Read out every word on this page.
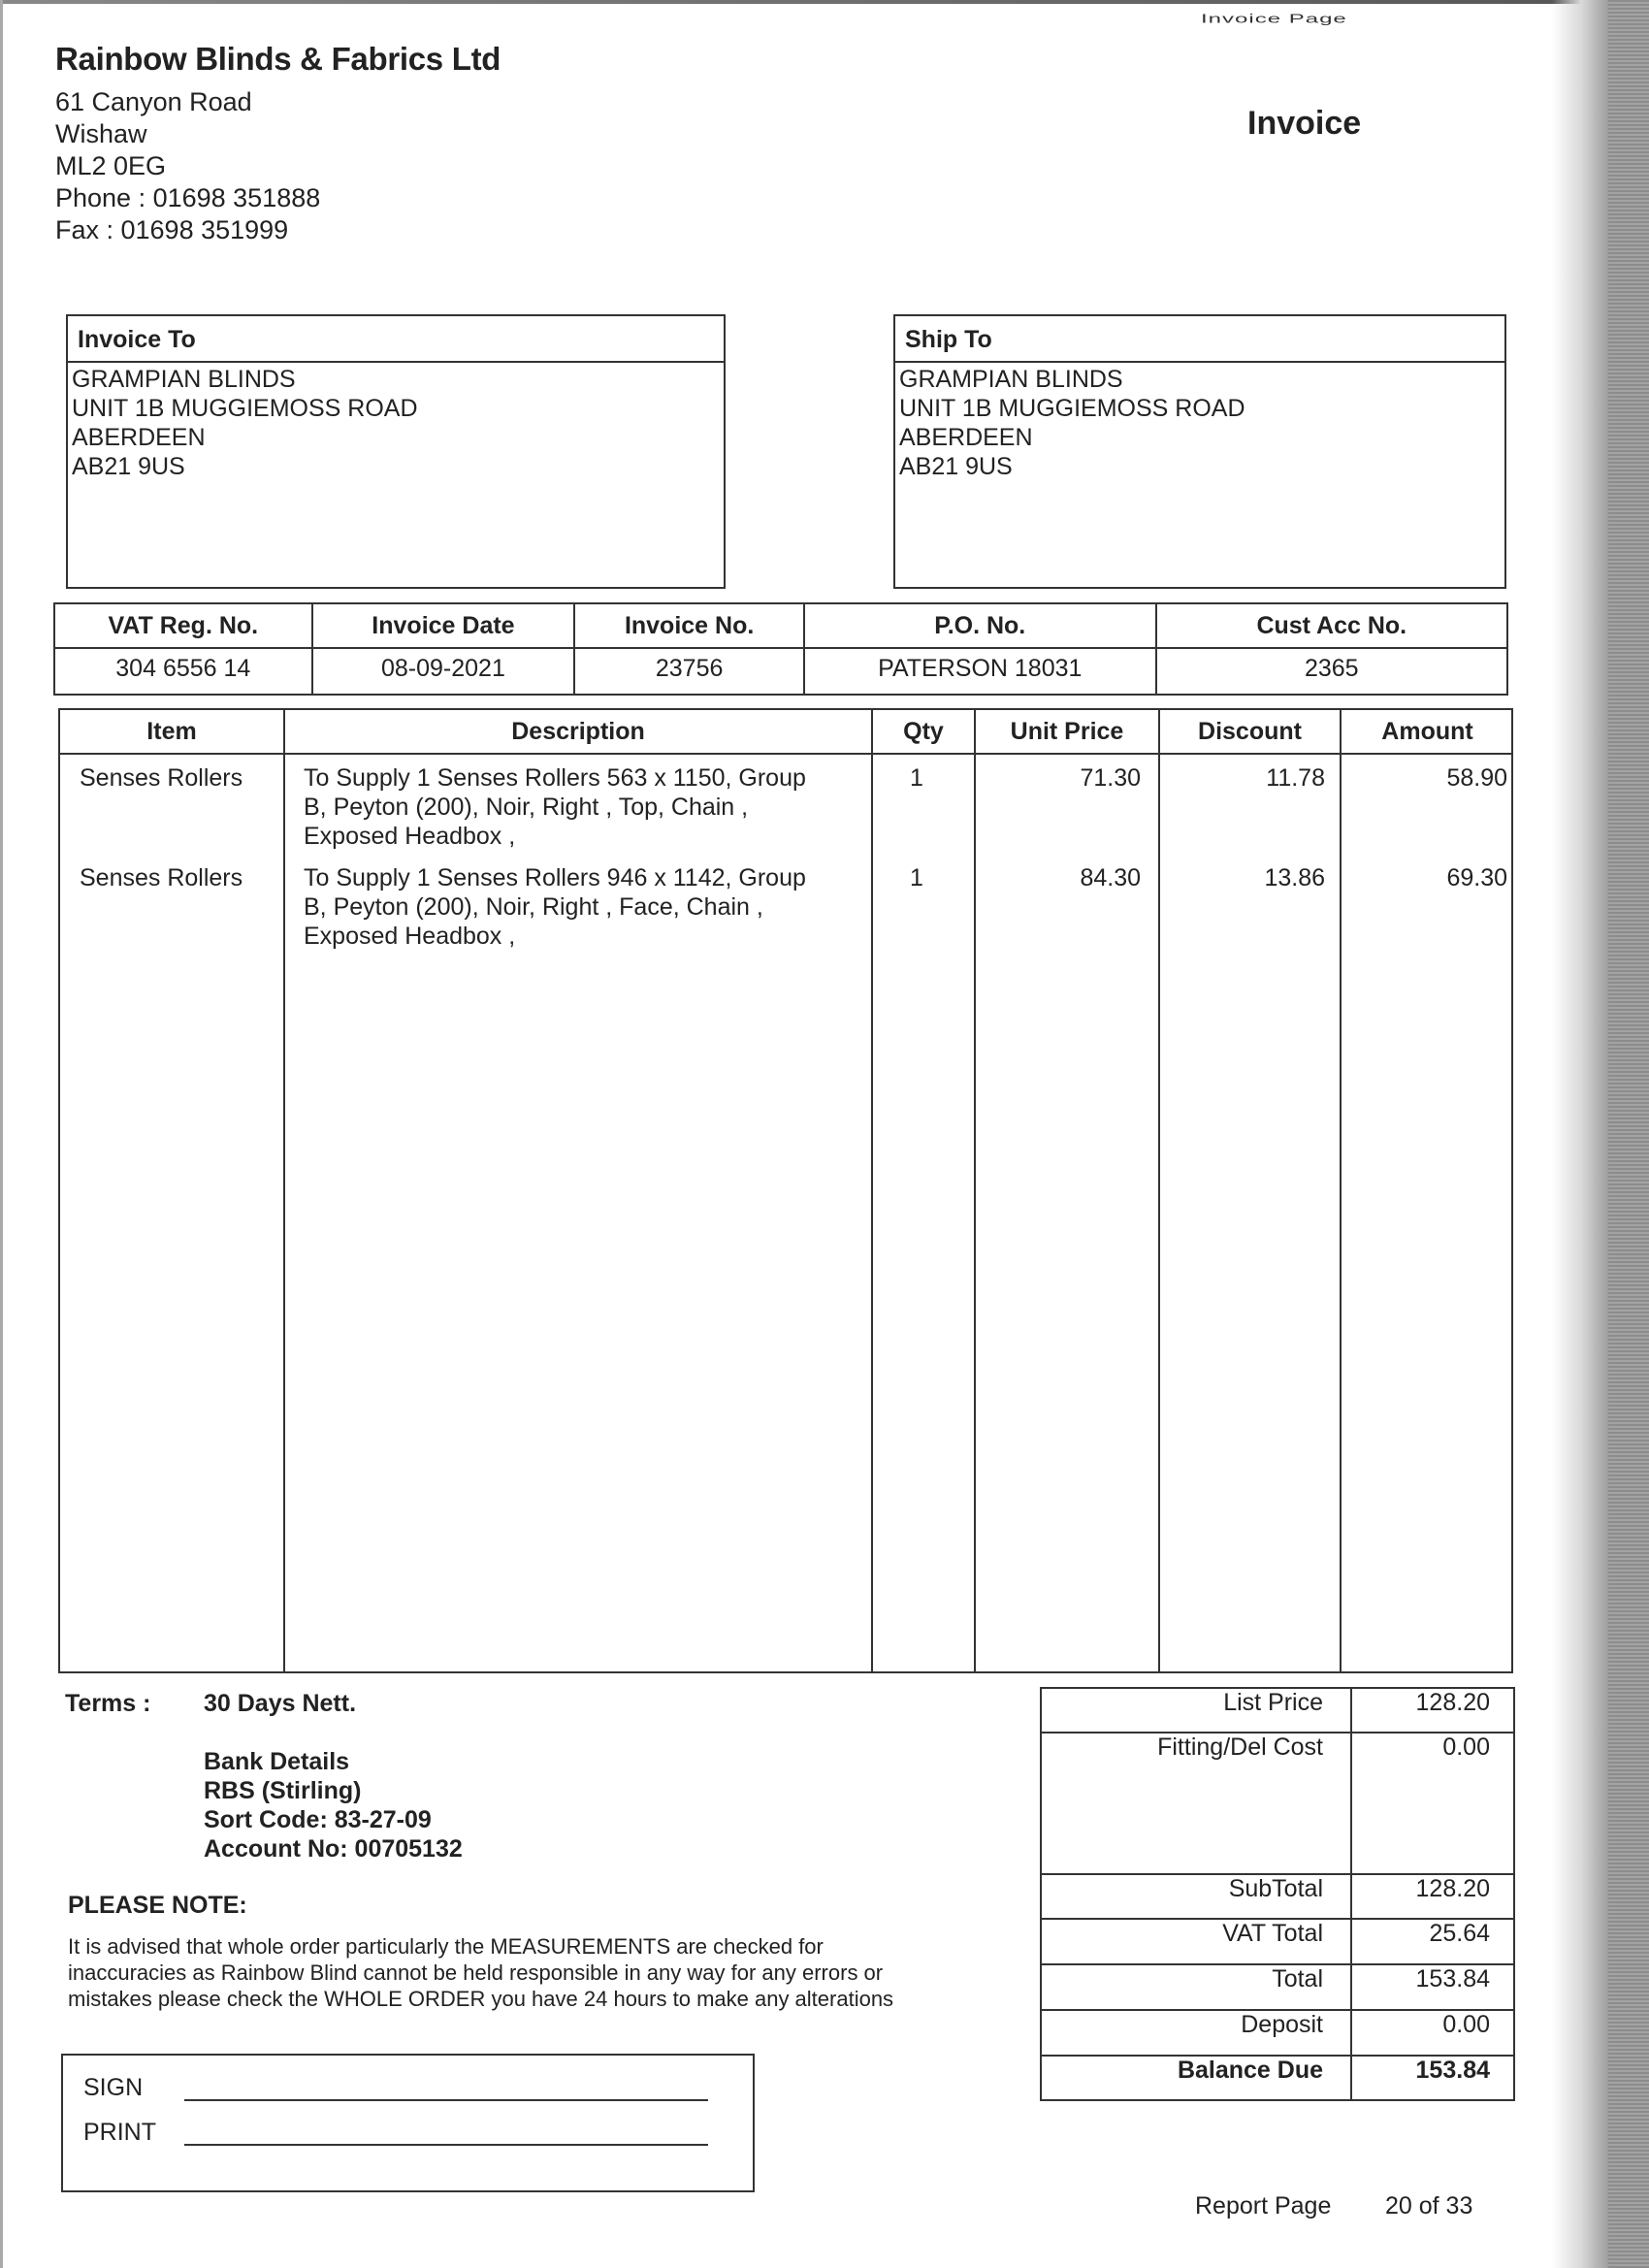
Invoice Page
Rainbow Blinds & Fabrics Ltd
61 Canyon Road
Wishaw
ML2 0EG
Phone : 01698 351888
Fax : 01698 351999
Invoice
Invoice To
GRAMPIAN BLINDS
UNIT 1B MUGGIEMOSS ROAD
ABERDEEN
AB21 9US
Ship To
GRAMPIAN BLINDS
UNIT 1B MUGGIEMOSS ROAD
ABERDEEN
AB21 9US
VAT Reg. No.	Invoice Date	Invoice No.	P.O. No.	Cust Acc No.
304 6556 14	08-09-2021	23756	PATERSON 18031	2365
Item	Description	Qty	Unit Price	Discount	Amount
Senses Rollers	To Supply 1 Senses Rollers 563 x 1150, Group
B, Peyton (200), Noir, Right , Top, Chain ,
Exposed Headbox ,
1	71.30	11.78	58.90
Senses Rollers	To Supply 1 Senses Rollers 946 x 1142, Group
B, Peyton (200), Noir, Right , Face, Chain ,
Exposed Headbox ,
1	84.30	13.86	69.30
Terms : 30 Days Nett.
Bank Details
RBS (Stirling)
Sort Code: 83-27-09
Account No: 00705132
PLEASE NOTE:
It is advised that whole order particularly the MEASUREMENTS are checked for
inaccuracies as Rainbow Blind cannot be held responsible in any way for any errors or
mistakes please check the WHOLE ORDER you have 24 hours to make any alterations
List Price	128.20
Fitting/Del Cost	0.00
SubTotal	128.20
VAT Total	25.64
Total	153.84
Deposit	0.00
Balance Due	153.84
SIGN
PRINT
Report Page 20 of 33
